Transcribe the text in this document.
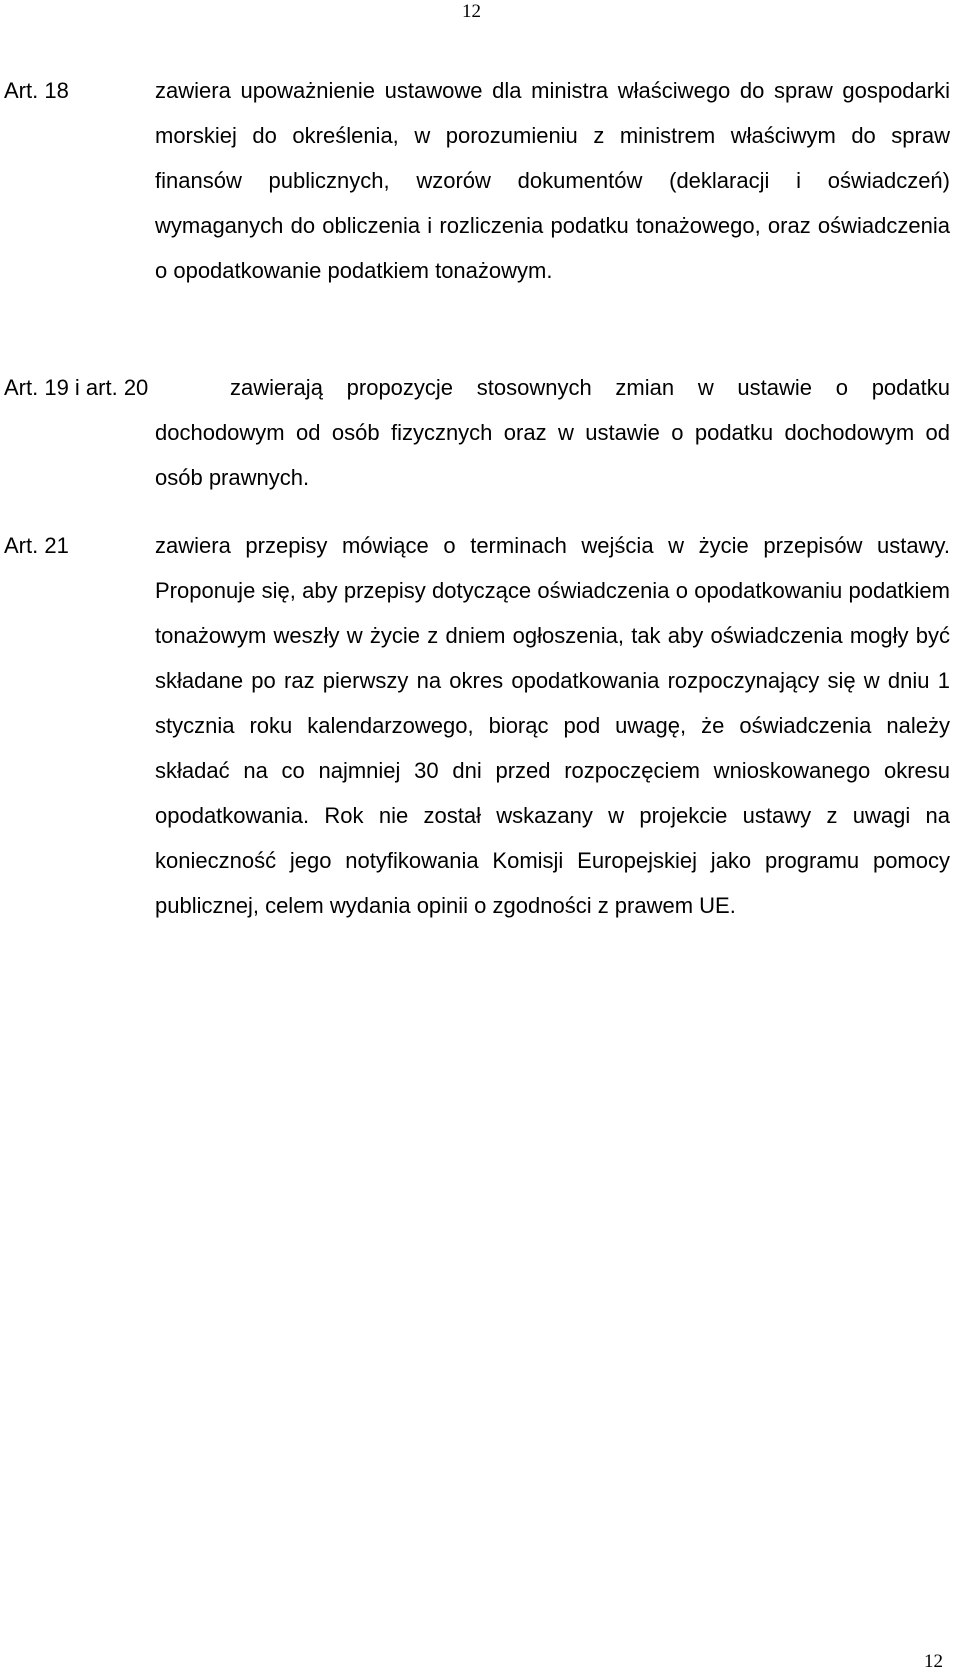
12
Art. 18	zawiera upoważnienie ustawowe dla ministra właściwego do spraw gospodarki morskiej do określenia, w porozumieniu z ministrem właściwym do spraw finansów publicznych, wzorów dokumentów (deklaracji i oświadczeń) wymaganych do obliczenia i rozliczenia podatku tonażowego, oraz oświadczenia o opodatkowanie podatkiem tonażowym.

Art. 19 i art. 20	zawierają propozycje stosownych zmian w ustawie o podatku dochodowym od osób fizycznych oraz w ustawie o podatku dochodowym od osób prawnych.

Art. 21	zawiera przepisy mówiące o terminach wejścia w życie przepisów ustawy. Proponuje się, aby przepisy dotyczące oświadczenia o opodatkowaniu podatkiem tonażowym weszły w życie z dniem ogłoszenia, tak aby oświadczenia mogły być składane po raz pierwszy na okres opodatkowania rozpoczynający się w dniu 1 stycznia roku kalendarzowego, biorąc pod uwagę, że oświadczenia należy składać na co najmniej 30 dni przed rozpoczęciem wnioskowanego okresu opodatkowania. Rok nie został wskazany w projekcie ustawy z uwagi na konieczność jego notyfikowania Komisji Europejskiej jako programu pomocy publicznej, celem wydania opinii o zgodności z prawem UE.

12
